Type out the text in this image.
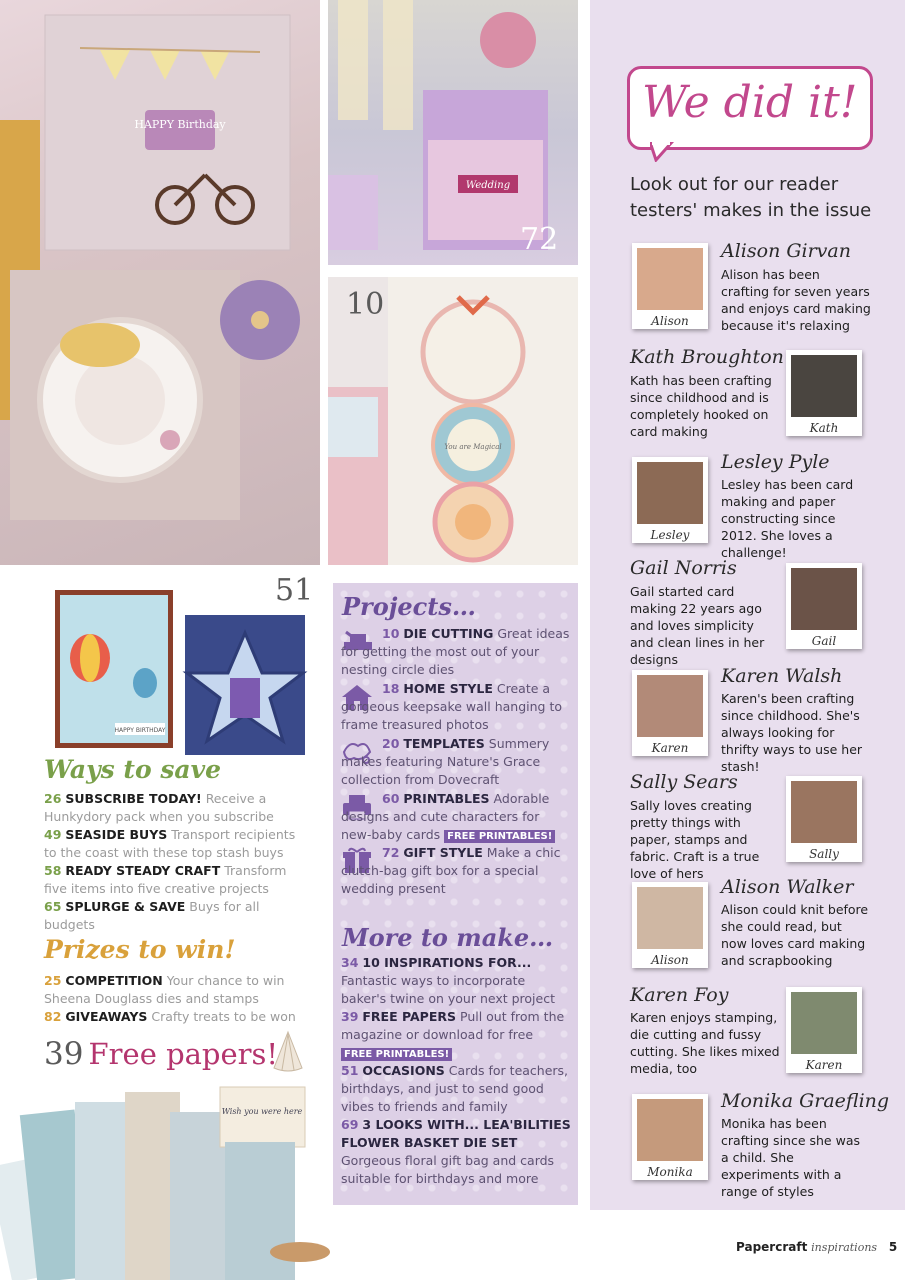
HAPPY Birthday
Wedding
72
You are Magical
10
HAPPY BIRTHDAY
51
Wish you were here
Ways to save
26 SUBSCRIBE TODAY! Receive a Hunkydory pack when you subscribe
49 SEASIDE BUYS Transport recipients to the coast with these top stash buys
58 READY STEADY CRAFT Transform five items into five creative projects
65 SPLURGE & SAVE Buys for all budgets
Prizes to win!
25 COMPETITION Your chance to win Sheena Douglass dies and stamps
82 GIVEAWAYS Crafty treats to be won
39 Free papers!
Projects…
10 DIE CUTTING Great ideas for getting the most out of your nesting circle dies
18 HOME STYLE Create a gorgeous keepsake wall hanging to frame treasured photos
20 TEMPLATES Summery makes featuring Nature's Grace collection from Dovecraft
60 PRINTABLES Adorable designs and cute characters for new-baby cards FREE PRINTABLES!
72 GIFT STYLE Make a chic clutch-bag gift box for a special wedding present
More to make…
34 10 INSPIRATIONS FOR... Fantastic ways to incorporate baker's twine on your next project
39 FREE PAPERS Pull out from the magazine or download for free FREE PRINTABLES!
51 OCCASIONS Cards for teachers, birthdays, and just to send good vibes to friends and family
69 3 LOOKS WITH... LEA'BILITIES FLOWER BASKET DIE SET Gorgeous floral gift bag and cards suitable for birthdays and more
We did it!
Look out for our reader testers' makes in the issue
Alison
Alison Girvan
Alison has been crafting for seven years and enjoys card making because it's relaxing
Kath Broughton
Kath has been crafting since childhood and is completely hooked on card making	Kath
Lesley
Lesley Pyle
Lesley has been card making and paper constructing since 2012. She loves a challenge!
Gail Norris
Gail started card making 22 years ago and loves simplicity and clean lines in her designs
Gail
Karen
Karen Walsh
Karen's been crafting since childhood. She's always looking for thrifty ways to use her stash!
Sally Sears
Sally loves creating pretty things with paper, stamps and fabric. Craft is a true love of hers
Sally
Alison
Alison Walker
Alison could knit before she could read, but now loves card making and scrapbooking
Karen Foy
Karen enjoys stamping, die cutting and fussy cutting. She likes mixed media, too	Karen
Monika
Monika Graefling
Monika has been crafting since she was a child. She experiments with a range of styles
Papercraft inspirations 5
